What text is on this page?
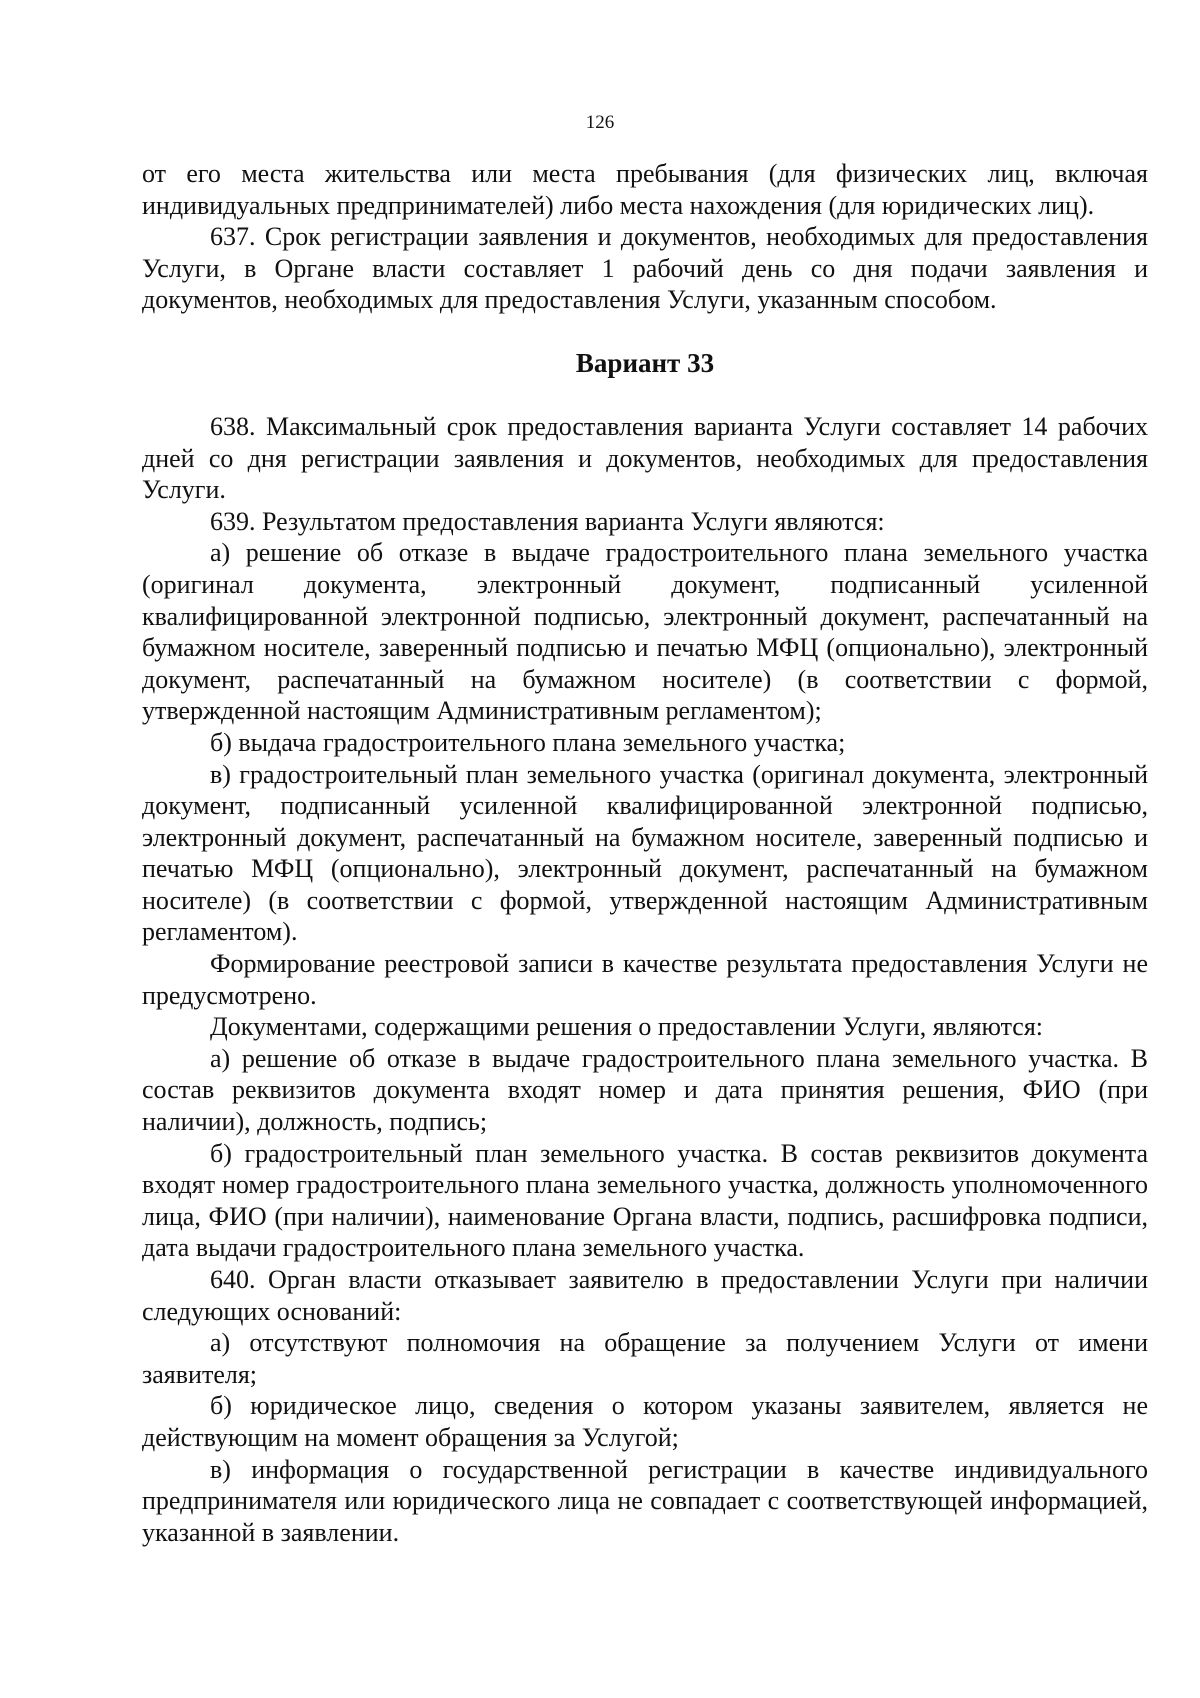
126

от его места жительства или места пребывания (для физических лиц, включая индивидуальных предпринимателей) либо места нахождения (для юридических лиц).

637. Срок регистрации заявления и документов, необходимых для предоставления Услуги, в Органе власти составляет 1 рабочий день со дня подачи заявления и документов, необходимых для предоставления Услуги, указанным способом.

Вариант 33

638. Максимальный срок предоставления варианта Услуги составляет 14 рабочих дней со дня регистрации заявления и документов, необходимых для предоставления Услуги.

639. Результатом предоставления варианта Услуги являются:

а) решение об отказе в выдаче градостроительного плана земельного участка (оригинал документа, электронный документ, подписанный усиленной квалифицированной электронной подписью, электронный документ, распечатанный на бумажном носителе, заверенный подписью и печатью МФЦ (опционально), электронный документ, распечатанный на бумажном носителе) (в соответствии с формой, утвержденной настоящим Административным регламентом);

б) выдача градостроительного плана земельного участка;

в) градостроительный план земельного участка (оригинал документа, электронный документ, подписанный усиленной квалифицированной электронной подписью, электронный документ, распечатанный на бумажном носителе, заверенный подписью и печатью МФЦ (опционально), электронный документ, распечатанный на бумажном носителе) (в соответствии с формой, утвержденной настоящим Административным регламентом).

Формирование реестровой записи в качестве результата предоставления Услуги не предусмотрено.

Документами, содержащими решения о предоставлении Услуги, являются:

а) решение об отказе в выдаче градостроительного плана земельного участка. В состав реквизитов документа входят номер и дата принятия решения, ФИО (при наличии), должность, подпись;

б) градостроительный план земельного участка. В состав реквизитов документа входят номер градостроительного плана земельного участка, должность уполномоченного лица, ФИО (при наличии), наименование Органа власти, подпись, расшифровка подписи, дата выдачи градостроительного плана земельного участка.

640. Орган власти отказывает заявителю в предоставлении Услуги при наличии следующих оснований:

а) отсутствуют полномочия на обращение за получением Услуги от имени заявителя;

б) юридическое лицо, сведения о котором указаны заявителем, является не действующим на момент обращения за Услугой;

в) информация о государственной регистрации в качестве индивидуального предпринимателя или юридического лица не совпадает с соответствующей информацией, указанной в заявлении.
